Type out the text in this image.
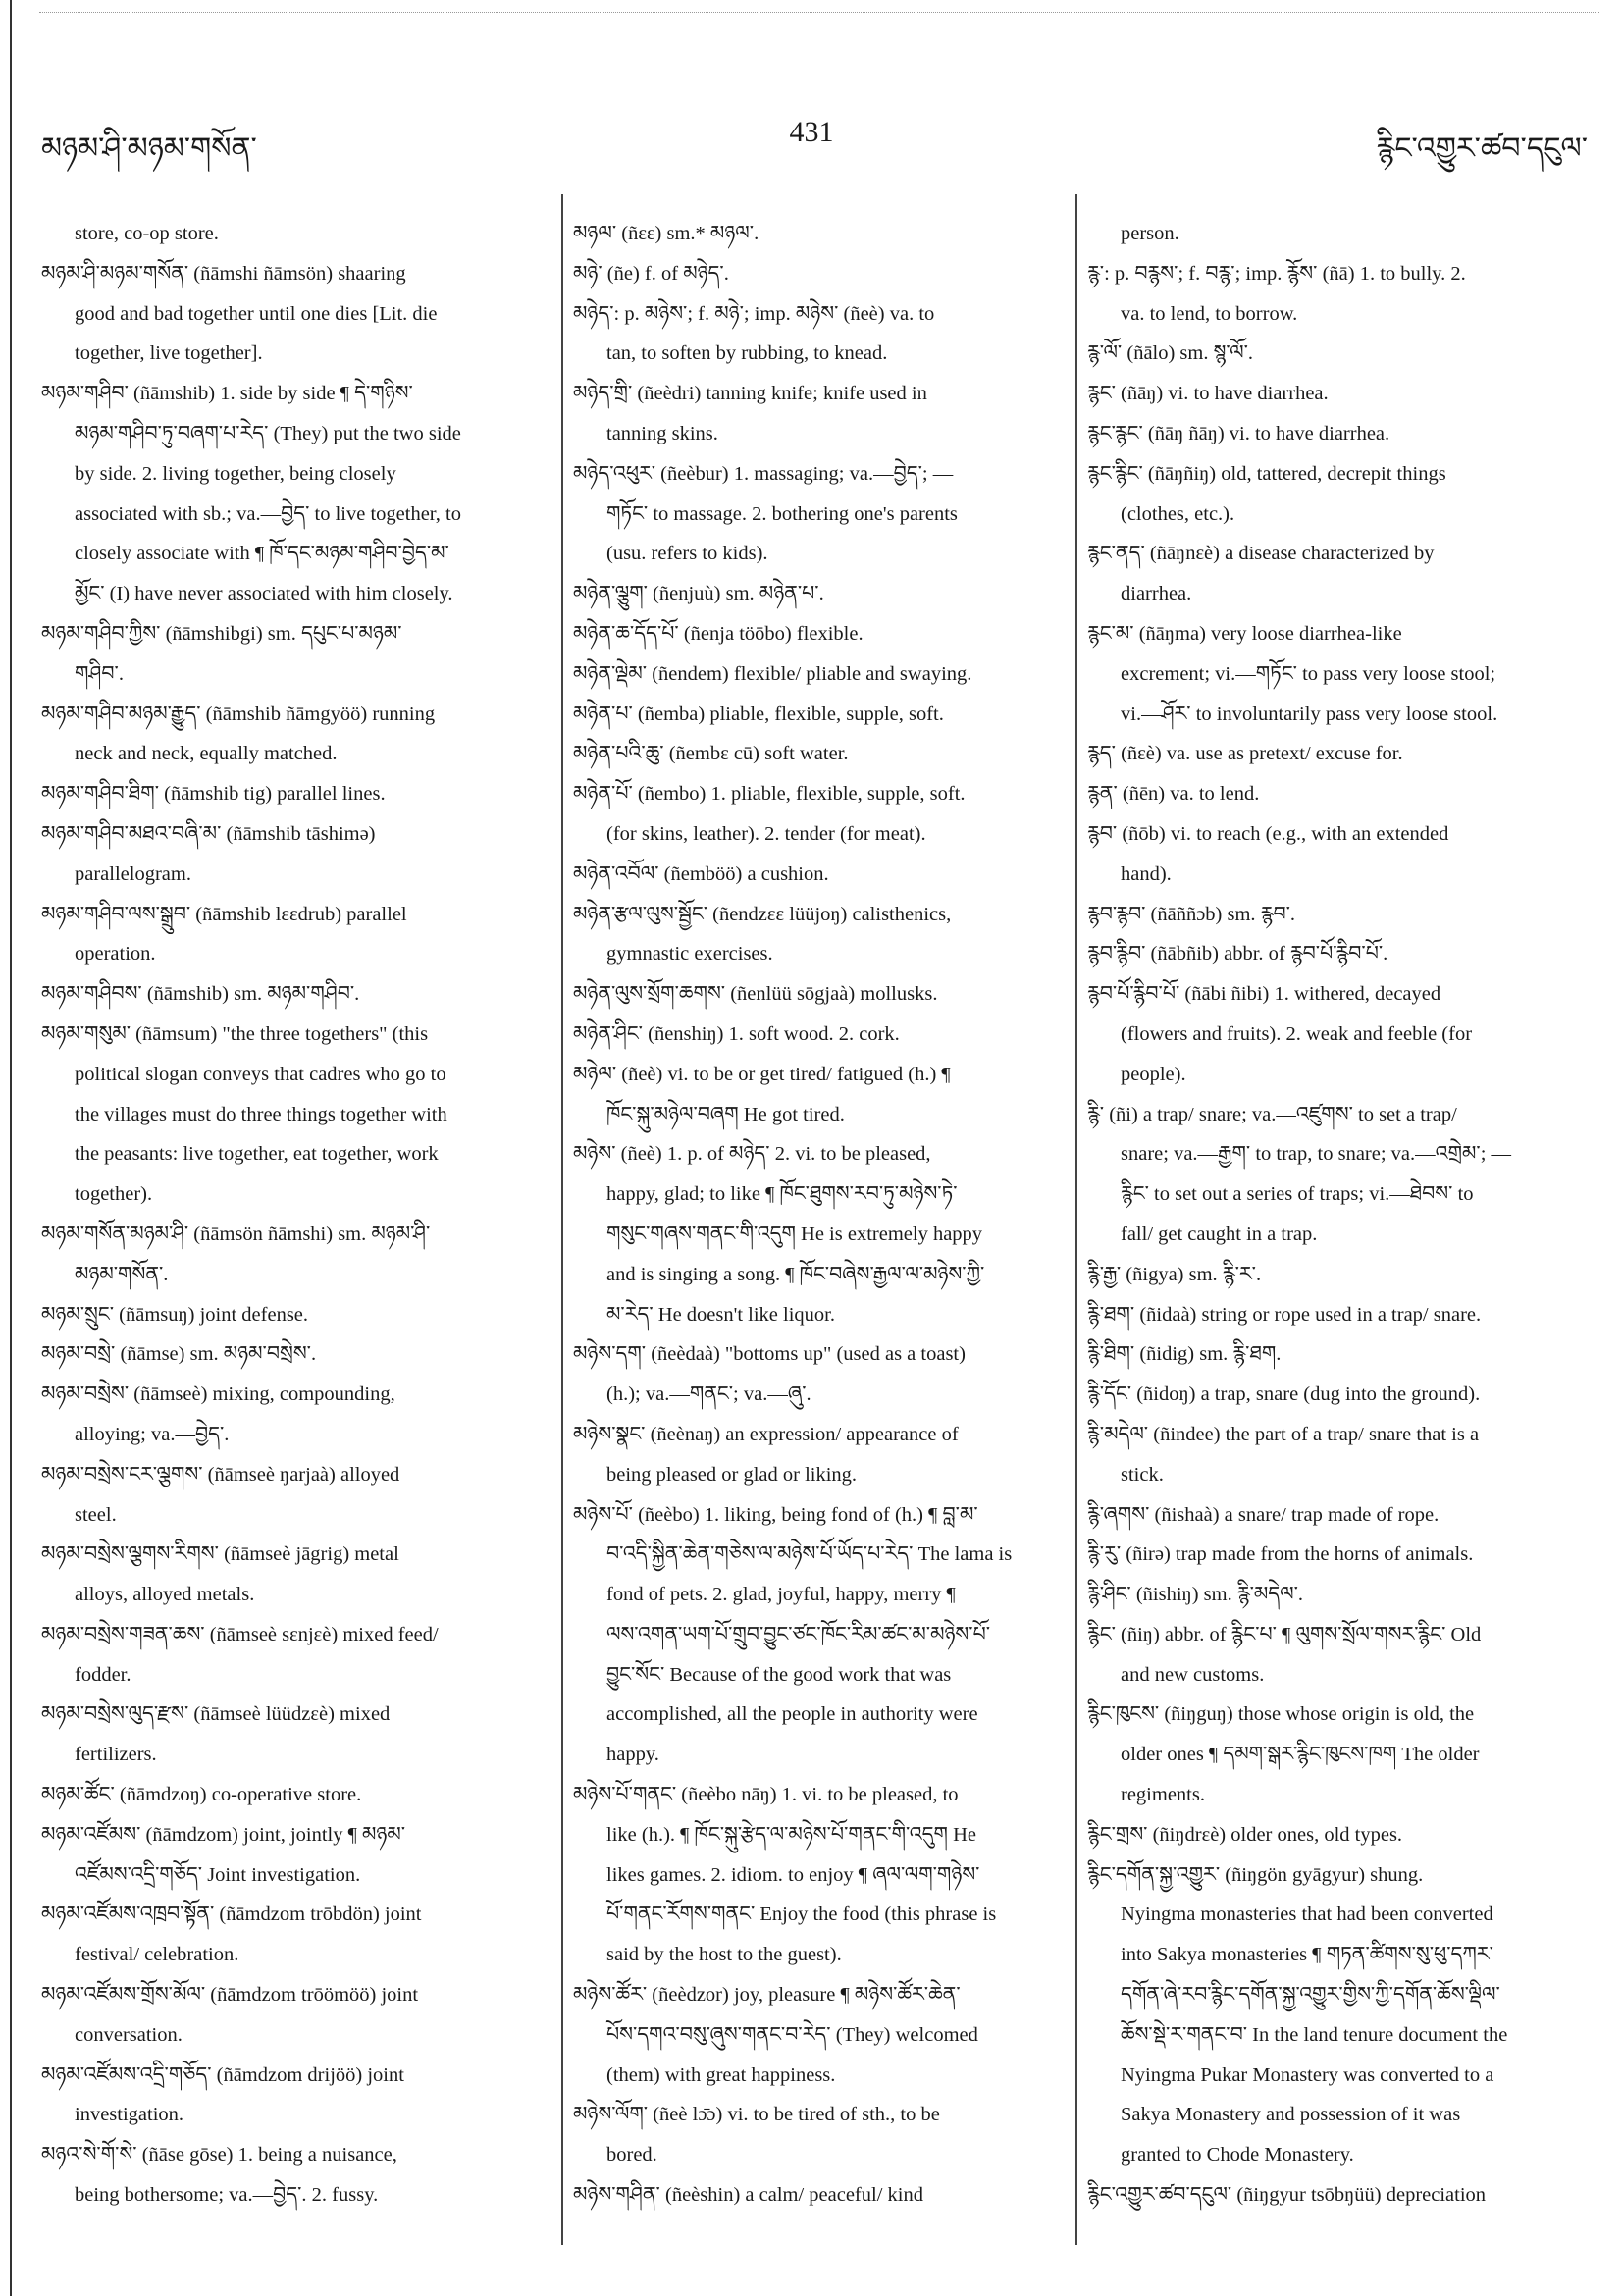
མཉམ་ཤི་མཉམ་གསོན་
431
རྙིང་འགྱུར་ཚབ་དངུལ་
store, co-op store.
མཉམ་ཤི་མཉམ་གསོན་ (ñāmshi ñāmsön) shaaring
good and bad together until one dies [Lit. die
together, live together].
མཉམ་གཤིབ་ (ñāmshib) 1. side by side ¶ དེ་གཉིས་
མཉམ་གཤིབ་ཏུ་བཞག་པ་རེད་ (They) put the two side
by side. 2. living together, being closely
associated with sb.; va.—བྱེད་ to live together, to
closely associate with ¶ ཁོ་དང་མཉམ་གཤིབ་བྱེད་མ་
མྱོང་ (I) have never associated with him closely.
མཉམ་གཤིབ་ཀྱིས་ (ñāmshibgi) sm. དཔུང་པ་མཉམ་
གཤིབ་.
མཉམ་གཤིབ་མཉམ་རྒྱུད་ (ñāmshib ñāmgyöö) running
neck and neck, equally matched.
མཉམ་གཤིབ་ཐིག་ (ñāmshib tig) parallel lines.
མཉམ་གཤིབ་མཐའ་བཞི་མ་ (ñāmshib tāshimə)
parallelogram.
མཉམ་གཤིབ་ལས་སྒྲུབ་ (ñāmshib lɛɛdrub) parallel
operation.
མཉམ་གཤིབས་ (ñāmshib) sm. མཉམ་གཤིབ་.
མཉམ་གསུམ་ (ñāmsum) "the three togethers" (this
political slogan conveys that cadres who go to
the villages must do three things together with
the peasants: live together, eat together, work
together).
མཉམ་གསོན་མཉམ་ཤི་ (ñāmsön ñāmshi) sm. མཉམ་ཤི་
མཉམ་གསོན་.
མཉམ་སྲུང་ (ñāmsuŋ) joint defense.
མཉམ་བསྲེ་ (ñāmse) sm. མཉམ་བསྲེས་.
མཉམ་བསྲེས་ (ñāmseè) mixing, compounding,
alloying; va.—བྱེད་.
མཉམ་བསྲེས་ངར་ལྕགས་ (ñāmseè ŋarjaà) alloyed
steel.
མཉམ་བསྲེས་ལྕགས་རིགས་ (ñāmseè jāgrig) metal
alloys, alloyed metals.
མཉམ་བསྲེས་གཟན་ཆས་ (ñāmseè sɛnjɛè) mixed feed/
fodder.
མཉམ་བསྲེས་ལུད་རྫས་ (ñāmseè lüüdzɛè) mixed
fertilizers.
མཉམ་ཚོང་ (ñāmdzoŋ) co-operative store.
མཉམ་འཛོམས་ (ñāmdzom) joint, jointly ¶ མཉམ་
འཛོམས་འདྲི་གཅོད་ Joint investigation.
མཉམ་འཛོམས་འཁྲབ་སྟོན་ (ñāmdzom trōbdön) joint
festival/ celebration.
མཉམ་འཛོམས་གྲོས་མོལ་ (ñāmdzom trōömöö) joint
conversation.
མཉམ་འཛོམས་འདྲི་གཅོད་ (ñāmdzom drijöö) joint
investigation.
མཉའ་སེ་གོ་སེ་ (ñāse gōse) 1. being a nuisance,
being bothersome; va.—བྱེད་. 2. fussy.
མཉལ་ (ñɛɛ) sm.* མཉལ་.
མཉེ་ (ñe) f. of མཉེད་.
མཉེད་: p. མཉེས་; f. མཉེ་; imp. མཉེས་ (ñeè) va. to
tan, to soften by rubbing, to knead.
མཉེད་གྲི་ (ñeèdri) tanning knife; knife used in
tanning skins.
མཉེད་འཕུར་ (ñeèbur) 1. massaging; va.—བྱེད་; —
གཏོང་ to massage. 2. bothering one's parents
(usu. refers to kids).
མཉེན་ལྕུག་ (ñenjuù) sm. མཉེན་པ་.
མཉེན་ཆ་དོད་པོ་ (ñenja töōbo) flexible.
མཉེན་ལྡེམ་ (ñendem) flexible/ pliable and swaying.
མཉེན་པ་ (ñemba) pliable, flexible, supple, soft.
མཉེན་པའི་ཆུ་ (ñembɛ cū) soft water.
མཉེན་པོ་ (ñembo) 1. pliable, flexible, supple, soft.
(for skins, leather). 2. tender (for meat).
མཉེན་འབོལ་ (ñemböö) a cushion.
མཉེན་རྩལ་ལུས་སྦྱོང་ (ñendzɛɛ lüüjoŋ) calisthenics,
gymnastic exercises.
མཉེན་ལུས་སྲོག་ཆགས་ (ñenlüü sōgjaà) mollusks.
མཉེན་ཤིང་ (ñenshiŋ) 1. soft wood. 2. cork.
མཉེལ་ (ñeè) vi. to be or get tired/ fatigued (h.) ¶
ཁོང་སྐུ་མཉེལ་བཞག He got tired.
མཉེས་ (ñeè) 1. p. of མཉེད་ 2. vi. to be pleased,
happy, glad; to like ¶ ཁོང་ཐུགས་རབ་ཏུ་མཉེས་ཏེ་
གསུང་གཞས་གནང་གི་འདུག He is extremely happy
and is singing a song. ¶ ཁོང་བཞེས་རྒྱལ་ལ་མཉེས་ཀྱི་
མ་རེད་ He doesn't like liquor.
མཉེས་དག་ (ñeèdaà) "bottoms up" (used as a toast)
(h.); va.—གནང་; va.—ཞུ་.
མཉེས་སྣང་ (ñeènaŋ) an expression/ appearance of
being pleased or glad or liking.
མཉེས་པོ་ (ñeèbo) 1. liking, being fond of (h.) ¶ བླ་མ་
བ་འདི་སྐྱིན་ཆེན་གཅེས་ལ་མཉེས་པོ་ཡོད་པ་རེད་ The lama is
fond of pets. 2. glad, joyful, happy, merry ¶
ལས་འགན་ཡག་པོ་གྲུབ་བྱུང་ཙང་ཁོང་རིམ་ཚང་མ་མཉེས་པོ་
བྱུང་སོང་ Because of the good work that was
accomplished, all the people in authority were
happy.
མཉེས་པོ་གནང་ (ñeèbo nāŋ) 1. vi. to be pleased, to
like (h.). ¶ ཁོང་སྐུ་རྩེད་ལ་མཉེས་པོ་གནང་གི་འདུག He
likes games. 2. idiom. to enjoy ¶ ཞལ་ལག་གཉེས་
པོ་གནང་རོགས་གནང་ Enjoy the food (this phrase is
said by the host to the guest).
མཉེས་ཚོར་ (ñeèdzor) joy, pleasure ¶ མཉེས་ཚོར་ཆེན་
པོས་དགའ་བསུ་ཞུས་གནང་བ་རེད་ (They) welcomed
(them) with great happiness.
མཉེས་ལོག་ (ñeè lɔ̄ɔ) vi. to be tired of sth., to be
bored.
མཉེས་གཤིན་ (ñeèshin) a calm/ peaceful/ kind
person.
རྙ་: p. བརྙས་; f. བརྙ་; imp. རྙོས་ (ñā) 1. to bully. 2.
va. to lend, to borrow.
རྙ་ལོ་ (ñālo) sm. སྙ་ལོ་.
རྙང་ (ñāŋ) vi. to have diarrhea.
རྙང་རྙང་ (ñāŋ ñāŋ) vi. to have diarrhea.
རྙང་རྙིང་ (ñāŋñiŋ) old, tattered, decrepit things
(clothes, etc.).
རྙང་ནད་ (ñāŋnɛè) a disease characterized by
diarrhea.
རྙང་མ་ (ñāŋma) very loose diarrhea-like
excrement; vi.—གཏོང་ to pass very loose stool;
vi.—ཤོར་ to involuntarily pass very loose stool.
རྙད་ (ñɛè) va. use as pretext/ excuse for.
རྙན་ (ñēn) va. to lend.
རྙབ་ (ñōb) vi. to reach (e.g., with an extended
hand).
རྙབ་རྙབ་ (ñāññɔb) sm. རྙབ་.
རྙབ་རྙིབ་ (ñābñib) abbr. of རྙབ་པོ་རྙིབ་པོ་.
རྙབ་པོ་རྙིབ་པོ་ (ñābi ñibi) 1. withered, decayed
(flowers and fruits). 2. weak and feeble (for
people).
རྙི་ (ñi) a trap/ snare; va.—འཛུགས་ to set a trap/
snare; va.—རྒྱག་ to trap, to snare; va.—འགྲེམ་; —
རྙིང་ to set out a series of traps; vi.—ཐེབས་ to
fall/ get caught in a trap.
རྙི་རྒྱ་ (ñigya) sm. རྙི་ར་.
རྙི་ཐག་ (ñidaà) string or rope used in a trap/ snare.
རྙི་ཐིག་ (ñidig) sm. རྙི་ཐག.
རྙི་དོང་ (ñidoŋ) a trap, snare (dug into the ground).
རྙི་མདེལ་ (ñindee) the part of a trap/ snare that is a
stick.
རྙི་ཞགས་ (ñishaà) a snare/ trap made of rope.
རྙི་རུ་ (ñirə) trap made from the horns of animals.
རྙི་ཤིང་ (ñishiŋ) sm. རྙི་མདེལ་.
རྙིང་ (ñiŋ) abbr. of རྙིང་པ་ ¶ ལུགས་སྲོལ་གསར་རྙིང་ Old
and new customs.
རྙིང་ཁུངས་ (ñiŋguŋ) those whose origin is old, the
older ones ¶ དམག་སྒར་རྙིང་ཁུངས་ཁག The older
regiments.
རྙིང་གྲས་ (ñiŋdrɛè) older ones, old types.
རྙིང་དགོན་སྐྱ་འགྱུར་ (ñiŋgön gyāgyur) shung.
Nyingma monasteries that had been converted
into Sakya monasteries ¶ གཏན་ཚིགས་སུ་ཕུ་དཀར་
དགོན་ཞེ་རབ་རྙིང་དགོན་སྐྱ་འགྱུར་གྱིས་ཀྱི་དགོན་ཆོས་ལྡིལ་
ཆོས་སྡེ་ར་གནང་བ་ In the land tenure document the
Nyingma Pukar Monastery was converted to a
Sakya Monastery and possession of it was
granted to Chode Monastery.
རྙིང་འགྱུར་ཚབ་དངུལ་ (ñiŋgyur tsōbŋüü) depreciation
